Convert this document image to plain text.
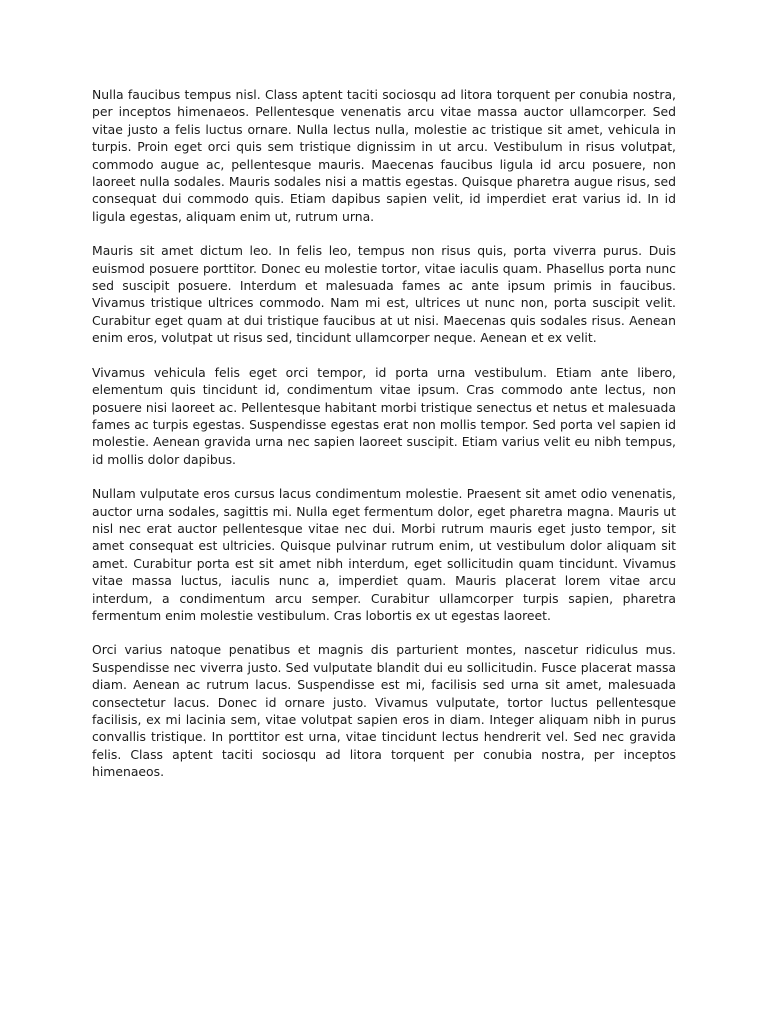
Nulla faucibus tempus nisl. Class aptent taciti sociosqu ad litora torquent per conubia nostra, per inceptos himenaeos. Pellentesque venenatis arcu vitae massa auctor ullamcorper. Sed vitae justo a felis luctus ornare. Nulla lectus nulla, molestie ac tristique sit amet, vehicula in turpis. Proin eget orci quis sem tristique dignissim in ut arcu. Vestibulum in risus volutpat, commodo augue ac, pellentesque mauris. Maecenas faucibus ligula id arcu posuere, non laoreet nulla sodales. Mauris sodales nisi a mattis egestas. Quisque pharetra augue risus, sed consequat dui commodo quis. Etiam dapibus sapien velit, id imperdiet erat varius id. In id ligula egestas, aliquam enim ut, rutrum urna.

Mauris sit amet dictum leo. In felis leo, tempus non risus quis, porta viverra purus. Duis euismod posuere porttitor. Donec eu molestie tortor, vitae iaculis quam. Phasellus porta nunc sed suscipit posuere. Interdum et malesuada fames ac ante ipsum primis in faucibus. Vivamus tristique ultrices commodo. Nam mi est, ultrices ut nunc non, porta suscipit velit. Curabitur eget quam at dui tristique faucibus at ut nisi. Maecenas quis sodales risus. Aenean enim eros, volutpat ut risus sed, tincidunt ullamcorper neque. Aenean et ex velit.

Vivamus vehicula felis eget orci tempor, id porta urna vestibulum. Etiam ante libero, elementum quis tincidunt id, condimentum vitae ipsum. Cras commodo ante lectus, non posuere nisi laoreet ac. Pellentesque habitant morbi tristique senectus et netus et malesuada fames ac turpis egestas. Suspendisse egestas erat non mollis tempor. Sed porta vel sapien id molestie. Aenean gravida urna nec sapien laoreet suscipit. Etiam varius velit eu nibh tempus, id mollis dolor dapibus.

Nullam vulputate eros cursus lacus condimentum molestie. Praesent sit amet odio venenatis, auctor urna sodales, sagittis mi. Nulla eget fermentum dolor, eget pharetra magna. Mauris ut nisl nec erat auctor pellentesque vitae nec dui. Morbi rutrum mauris eget justo tempor, sit amet consequat est ultricies. Quisque pulvinar rutrum enim, ut vestibulum dolor aliquam sit amet. Curabitur porta est sit amet nibh interdum, eget sollicitudin quam tincidunt. Vivamus vitae massa luctus, iaculis nunc a, imperdiet quam. Mauris placerat lorem vitae arcu interdum, a condimentum arcu semper. Curabitur ullamcorper turpis sapien, pharetra fermentum enim molestie vestibulum. Cras lobortis ex ut egestas laoreet.

Orci varius natoque penatibus et magnis dis parturient montes, nascetur ridiculus mus. Suspendisse nec viverra justo. Sed vulputate blandit dui eu sollicitudin. Fusce placerat massa diam. Aenean ac rutrum lacus. Suspendisse est mi, facilisis sed urna sit amet, malesuada consectetur lacus. Donec id ornare justo. Vivamus vulputate, tortor luctus pellentesque facilisis, ex mi lacinia sem, vitae volutpat sapien eros in diam. Integer aliquam nibh in purus convallis tristique. In porttitor est urna, vitae tincidunt lectus hendrerit vel. Sed nec gravida felis. Class aptent taciti sociosqu ad litora torquent per conubia nostra, per inceptos himenaeos.
